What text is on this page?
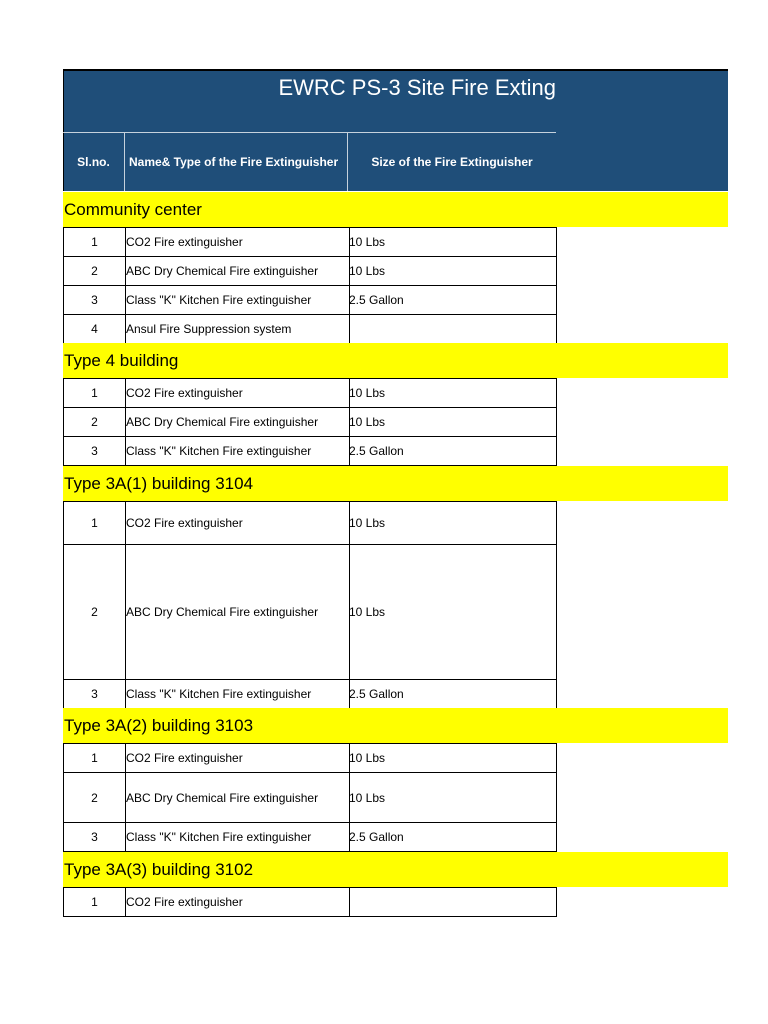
EWRC PS-3 Site Fire Exting
Sl.no.	Name& Type of the Fire Extinguisher	Size of the Fire Extinguisher
Community center
1	CO2 Fire extinguisher	10 Lbs
2	ABC Dry Chemical Fire extinguisher	10 Lbs
3	Class "K" Kitchen Fire extinguisher	2.5 Gallon
4	Ansul Fire Suppression system
Type 4 building
1	CO2 Fire extinguisher	10 Lbs
2	ABC Dry Chemical Fire extinguisher	10 Lbs
3	Class "K" Kitchen Fire extinguisher	2.5 Gallon
Type 3A(1) building 3104
1	CO2 Fire extinguisher	10 Lbs
2	ABC Dry Chemical Fire extinguisher	10 Lbs
3	Class "K" Kitchen Fire extinguisher	2.5 Gallon
Type 3A(2) building 3103
1	CO2 Fire extinguisher	10 Lbs
2	ABC Dry Chemical Fire extinguisher	10 Lbs
3	Class "K" Kitchen Fire extinguisher	2.5 Gallon
Type 3A(3) building 3102
1	CO2 Fire extinguisher
